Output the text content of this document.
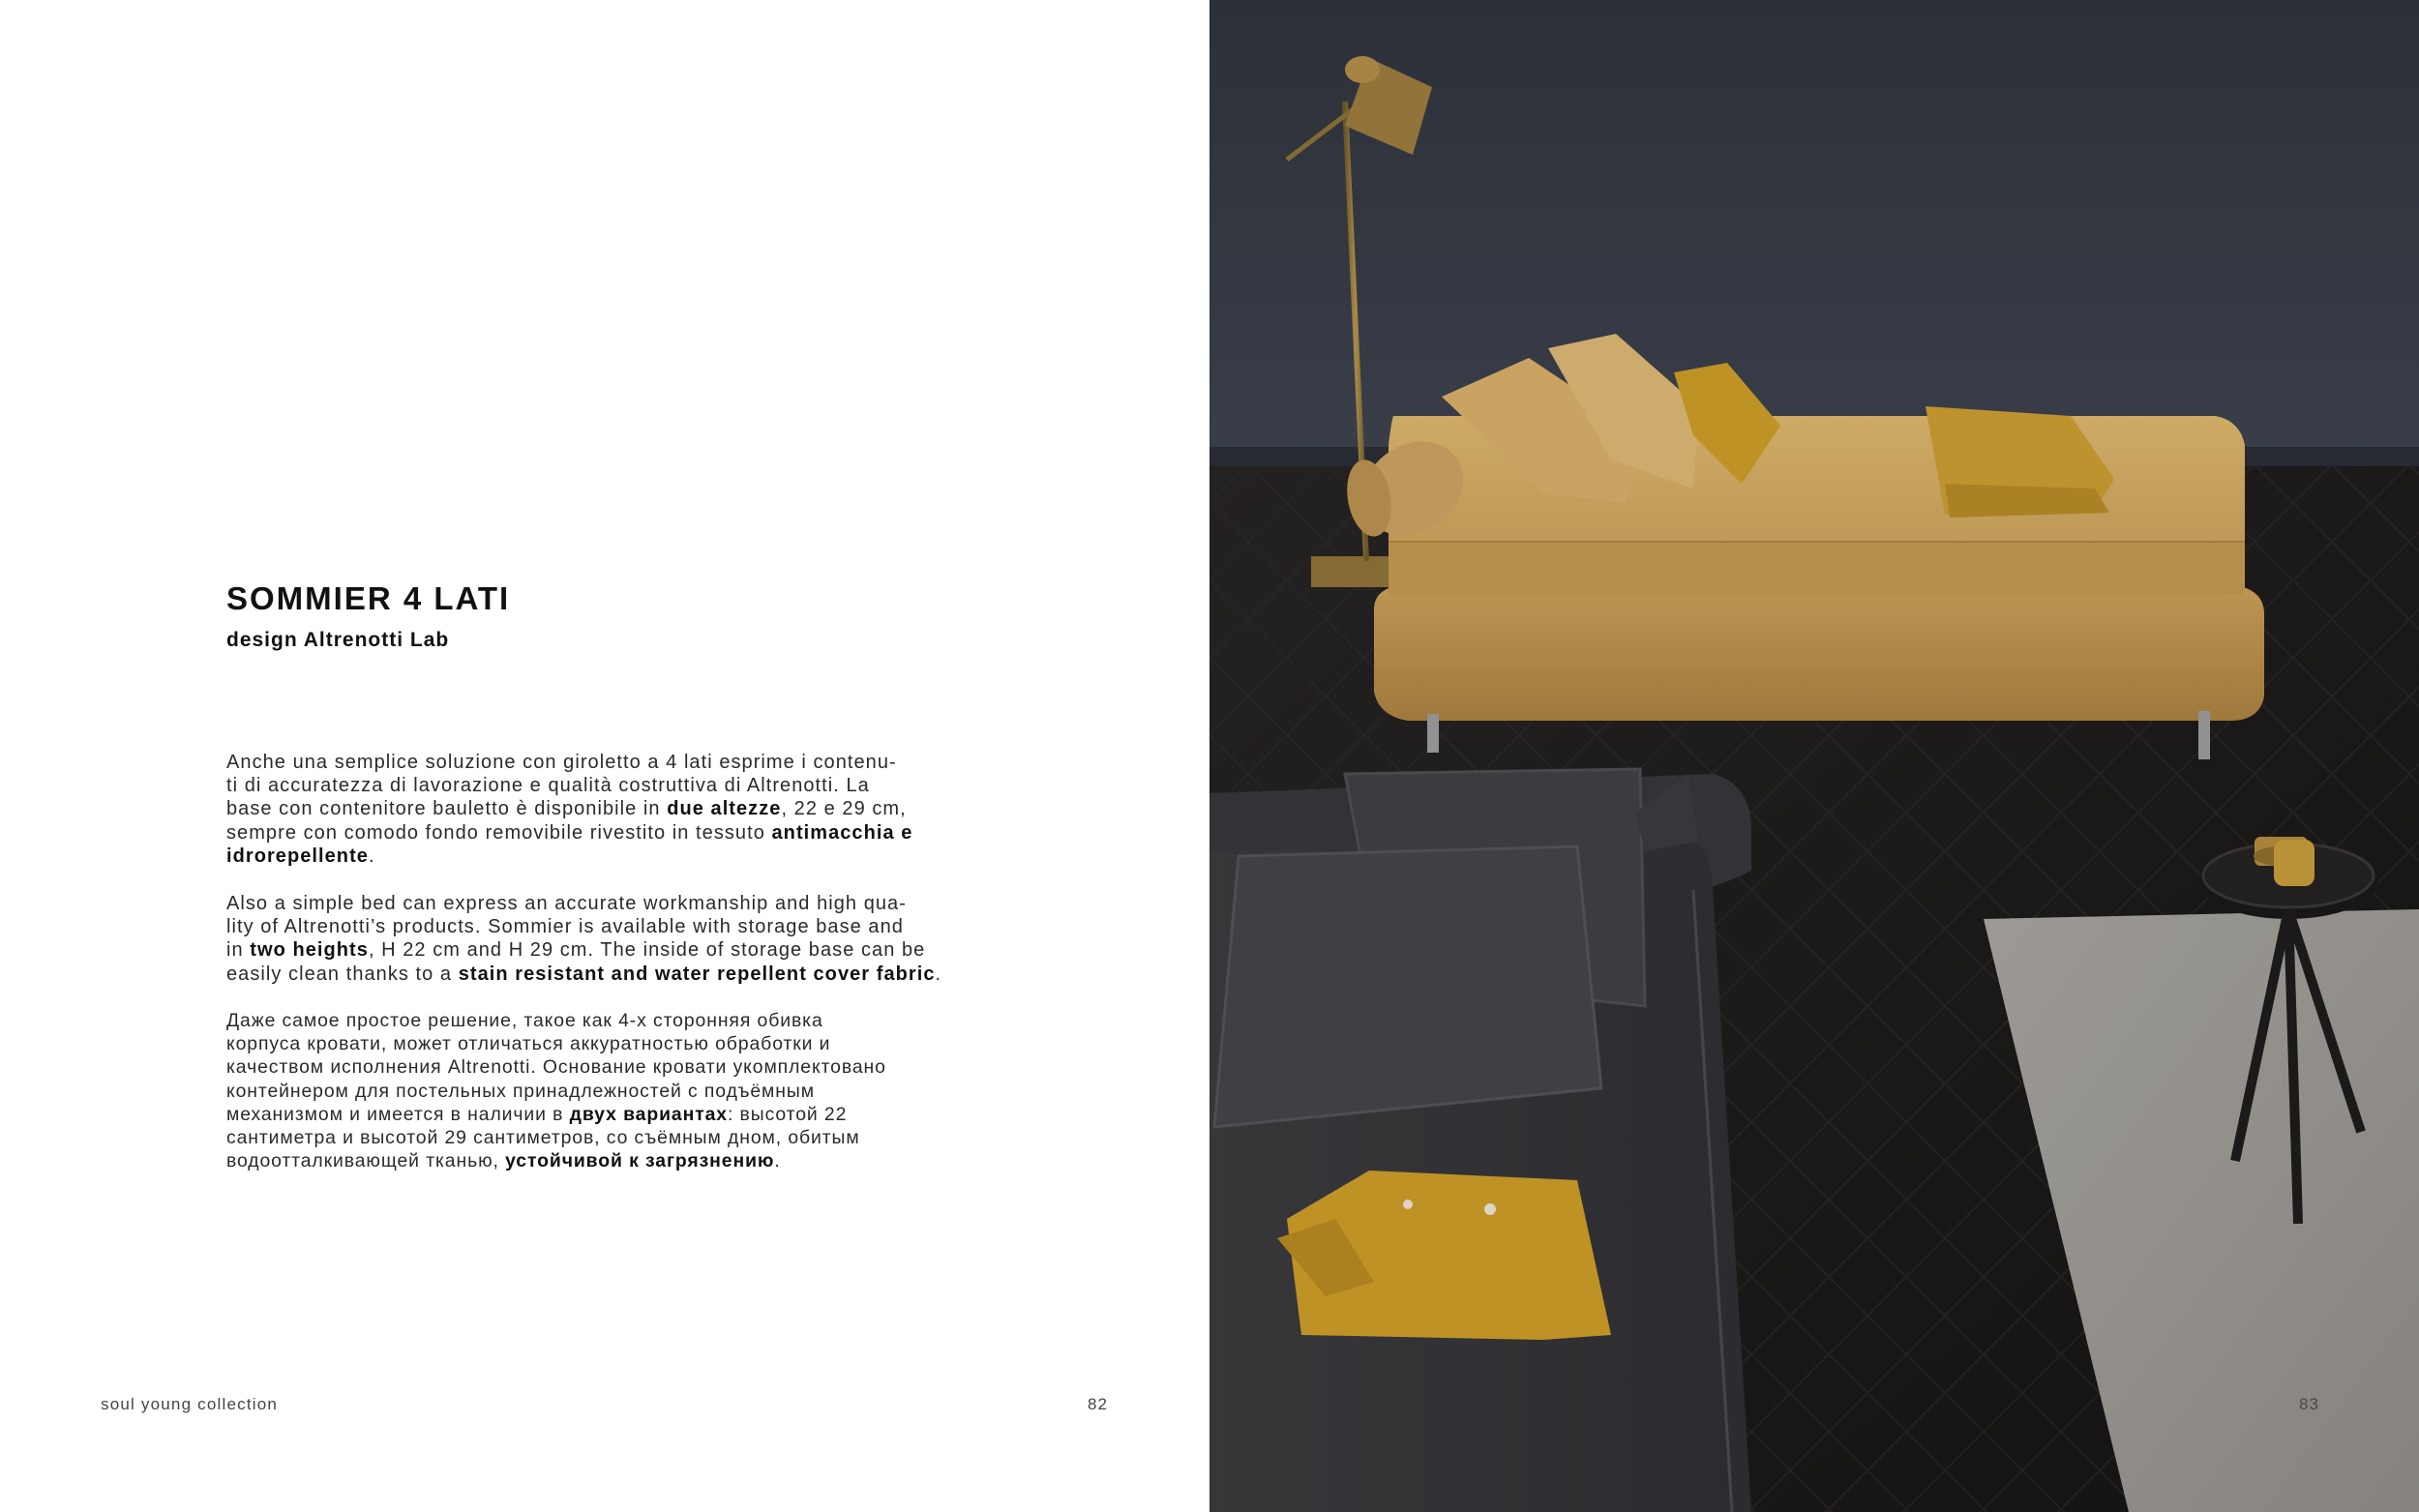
SOMMIER 4 LATI
design Altrenotti Lab

Anche una semplice soluzione con giroletto a 4 lati esprime i contenu-
ti di accuratezza di lavorazione e qualità costruttiva di Altrenotti. La
base con contenitore bauletto è disponibile in due altezze, 22 e 29 cm,
sempre con comodo fondo removibile rivestito in tessuto antimacchia e
idrorepellente.

Also a simple bed can express an accurate workmanship and high qua-
lity of Altrenotti’s products. Sommier is available with storage base and
in two heights, H 22 cm and H 29 cm. The inside of storage base can be
easily clean thanks to a stain resistant and water repellent cover fabric.

Даже самое простое решение, такое как 4-х сторонняя обивка
корпуса кровати, может отличаться аккуратностью обработки и
качеством исполнения Altrenotti. Основание кровати укомплектовано
контейнером для постельных принадлежностей с подъёмным
механизмом и имеется в наличии в двух вариантах: высотой 22
сантиметра и высотой 29 сантиметров, со съёмным дном, обитым
водоотталкивающей тканью, устойчивой к загрязнению.

soul young collection	82	83
